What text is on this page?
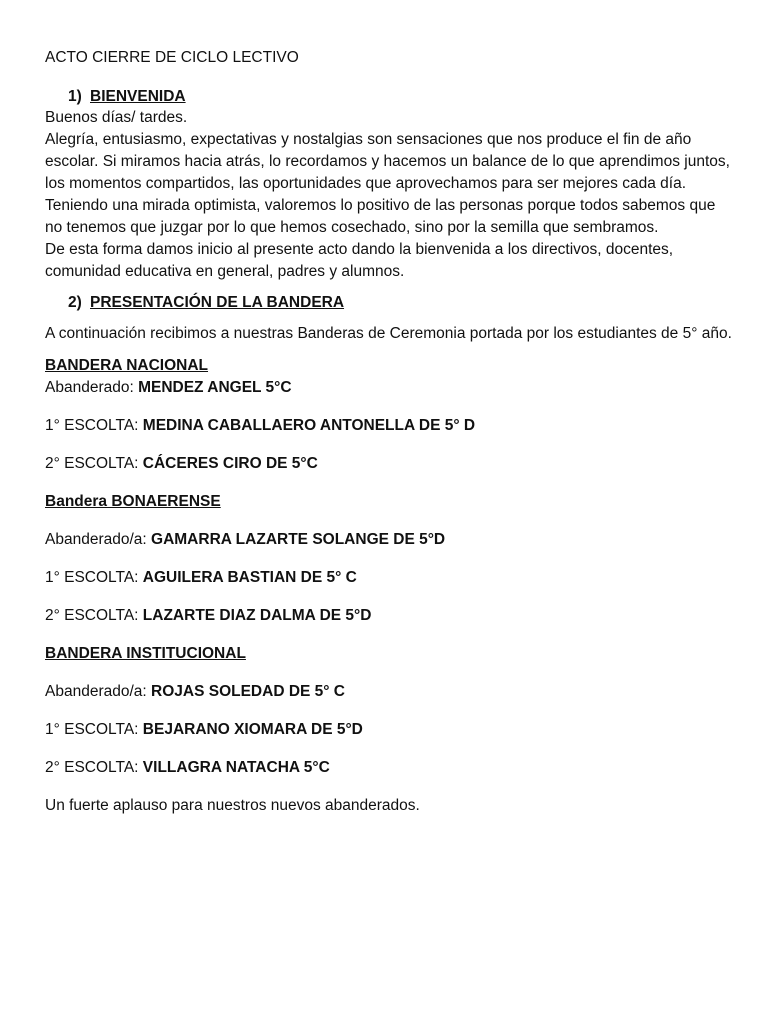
ACTO CIERRE DE CICLO LECTIVO

1) BIENVENIDA

Buenos días/ tardes.

Alegría, entusiasmo, expectativas y nostalgias son sensaciones que nos produce el fin de año escolar. Si miramos hacia atrás, lo recordamos y hacemos un balance de lo que aprendimos juntos, los momentos compartidos, las oportunidades que aprovechamos para ser mejores cada día. Teniendo una mirada optimista, valoremos lo positivo de las personas porque todos sabemos que no tenemos que juzgar por lo que hemos cosechado, sino por la semilla que sembramos.

De esta forma damos inicio al presente acto dando la bienvenida a los directivos, docentes, comunidad educativa en general, padres y alumnos.

2) PRESENTACIÓN DE LA BANDERA

A continuación recibimos a nuestras Banderas de Ceremonia portada por los estudiantes de 5° año.

BANDERA NACIONAL

Abanderado: MENDEZ ANGEL 5°C

1° ESCOLTA: MEDINA CABALLAERO ANTONELLA DE 5° D

2° ESCOLTA: CÁCERES CIRO DE 5°C

Bandera BONAERENSE

Abanderado/a: GAMARRA LAZARTE SOLANGE DE 5°D

1° ESCOLTA: AGUILERA BASTIAN DE 5° C

2° ESCOLTA: LAZARTE DIAZ DALMA DE 5°D

BANDERA INSTITUCIONAL

Abanderado/a: ROJAS SOLEDAD DE 5° C

1° ESCOLTA: BEJARANO XIOMARA DE 5°D

2° ESCOLTA: VILLAGRA NATACHA 5°C

Un fuerte aplauso para nuestros nuevos abanderados.
